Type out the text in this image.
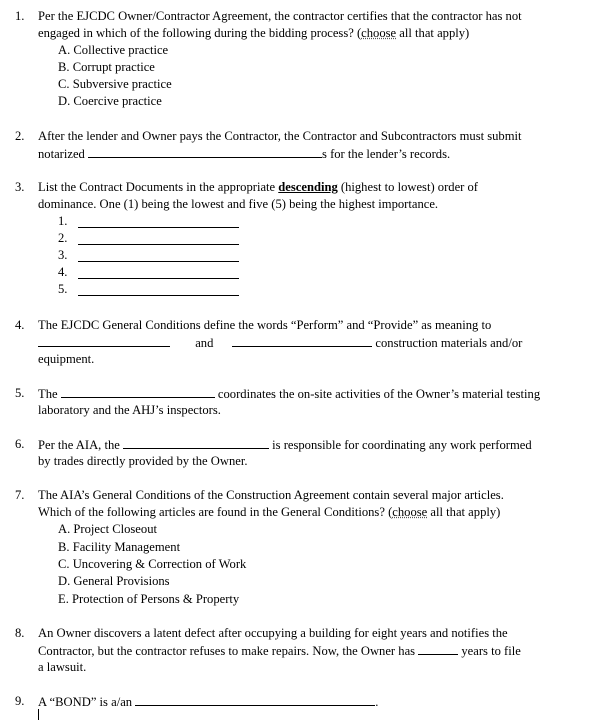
1. Per the EJCDC Owner/Contractor Agreement, the contractor certifies that the contractor has not
engaged in which of the following during the bidding process? (choose all that apply)
A. Collective practice
B. Corrupt practice
C. Subversive practice
D. Coercive practice
2. After the lender and Owner pays the Contractor, the Contractor and Subcontractors must submit
notarized	s for the lender’s records.
3. List the Contract Documents in the appropriate descending (highest to lowest) order of
dominance. One (1) being the lowest and five (5) being the highest importance.
1.
2.
3.
4.
5.
4. The EJCDC General Conditions define the words “Perform” and “Provide” as meaning to
and	construction materials and/or
equipment.
5. The	coordinates the on-site activities of the Owner’s material testing
laboratory and the AHJ’s inspectors.
6. Per the AIA, the	is responsible for coordinating any work performed
by trades directly provided by the Owner.
7. The AIA’s General Conditions of the Construction Agreement contain several major articles.
Which of the following articles are found in the General Conditions? (choose all that apply)
A. Project Closeout
B. Facility Management
C. Uncovering & Correction of Work
D. General Provisions
E. Protection of Persons & Property
8. An Owner discovers a latent defect after occupying a building for eight years and notifies the
Contractor, but the contractor refuses to make repairs. Now, the Owner has	years to file
a lawsuit.
9. A “BOND” is a/an	.
